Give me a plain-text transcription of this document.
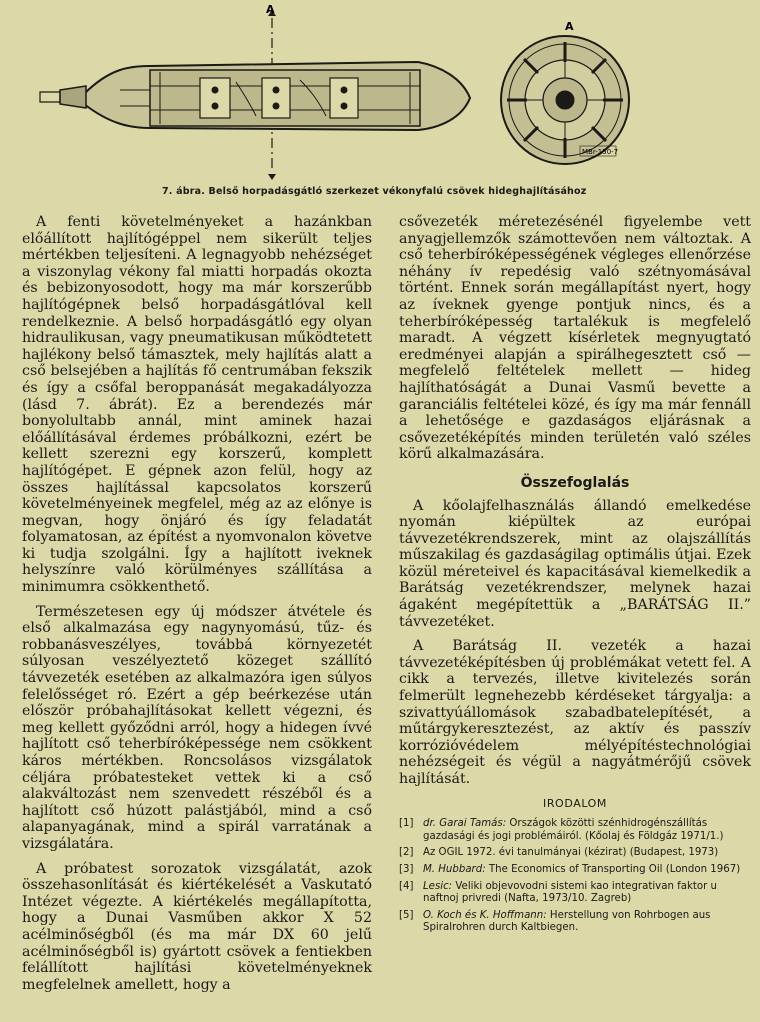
A
A
MBr-150-7
7. ábra. Belső horpadásgátló szerkezet vékonyfalú csövek hideghajlításához

A fenti követelményeket a hazánkban előállított hajlítógéppel nem sikerült teljes mértékben teljesíteni. A legnagyobb nehézséget a viszonylag vékony fal miatti horpadás okozta és bebizonyosodott, hogy ma már korszerűbb hajlítógépnek belső horpadásgátlóval kell rendelkeznie. A belső horpadásgátló egy olyan hidraulikusan, vagy pneumatikusan működtetett hajlékony belső támasztek, mely hajlítás alatt a cső belsejében a hajlítás fő centrumában fekszik és így a csőfal beroppanását megakadályozza (lásd 7. ábrát). Ez a berendezés már bonyolultabb annál, mint aminek hazai előállításával érdemes próbálkozni, ezért be kellett szerezni egy korszerű, komplett hajlítógépet. E gépnek azon felül, hogy az összes hajlítással kapcsolatos korszerű követelményeinek megfelel, még az az előnye is megvan, hogy önjáró és így feladatát folyamatosan, az építést a nyomvonalon követve ki tudja szolgálni. Így a hajlított iveknek helyszínre való körülményes szállítása a minimumra csökkenthető.

Természetesen egy új módszer átvétele és első alkalmazása egy nagynyomású, tűz- és robbanásveszélyes, továbbá környezetét súlyosan veszélyeztető közeget szállító távvezeték esetében az alkalmazóra igen súlyos felelősséget ró. Ezért a gép beérkezése után először próbahajlításokat kellett végezni, és meg kellett győződni arról, hogy a hidegen ívvé hajlított cső teherbíróképessége nem csökkent káros mértékben. Roncsolásos vizsgálatok céljára próbatesteket vettek ki a cső alakváltozást nem szenvedett részéből és a hajlított cső húzott palástjából, mind a cső alapanyagának, mind a spirál varratának a vizsgálatára.

A próbatest sorozatok vizsgálatát, azok összehasonlítását és kiértékelését a Vaskutató Intézet végezte. A kiértékelés megállapította, hogy a Dunai Vasműben akkor X 52 acélminőségből (és ma már DX 60 jelű acélminőségből is) gyártott csövek a fentiekben felállított hajlítási követelményeknek megfelelnek amellett, hogy a

csővezeték méretezésénél figyelembe vett anyagjellemzők számottevően nem változtak. A cső teherbíróképességének végleges ellenőrzése néhány ív repedésig való szétnyomásával történt. Ennek során megállapítást nyert, hogy az íveknek gyenge pontjuk nincs, és a teherbíróképesség tartalékuk is megfelelő maradt. A végzett kísérletek megnyugtató eredményei alapján a spirálhegesztett cső — megfelelő feltételek mellett — hideg hajlíthatóságát a Dunai Vasmű bevette a garanciális feltételei közé, és így ma már fennáll a lehetősége e gazdaságos eljárásnak a csővezetéképítés minden területén való széles körű alkalmazására.

Összefoglalás

A kőolajfelhasználás állandó emelkedése nyomán kiépültek az európai távvezetékrendszerek, mint az olajszállítás műszakilag és gazdaságilag optimális útjai. Ezek közül méreteivel és kapacitásával kiemelkedik a Barátság vezetékrendszer, melynek hazai ágaként megépítettük a „BARÁTSÁG II.” távvezetéket.

A Barátság II. vezeték a hazai távvezetéképítésben új problémákat vetett fel. A cikk a tervezés, illetve kivitelezés során felmerült legnehezebb kérdéseket tárgyalja: a szivattyúállomások szabadbatelepítését, a műtárgykeresztezést, az aktív és passzív korrózióvédelem mélyépítéstechnológiai nehézségeit és végül a nagyátmérőjű csövek hajlítását.

IRODALOM
[1] dr. Garai Tamás: Országok közötti szénhidrogénszállítás gazdasági és jogi problémáiról. (Kőolaj és Földgáz 1971/1.)
[2] Az OGIL 1972. évi tanulmányai (kézirat) (Budapest, 1973)
[3] M. Hubbard: The Economics of Transporting Oil (London 1967)
[4] Lesic: Veliki objevovodni sistemi kao integrativan faktor u naftnoj privredi (Nafta, 1973/10. Zagreb)
[5] O. Koch és K. Hoffmann: Herstellung von Rohrbogen aus Spiralrohren durch Kaltbiegen.
